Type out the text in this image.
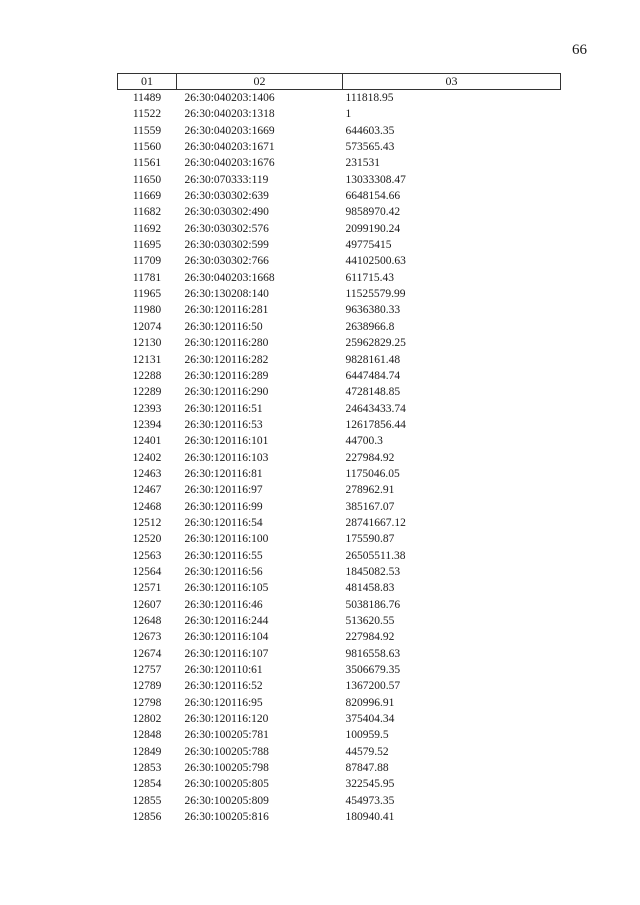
66
01	02	03
11489	26:30:040203:1406	111818.95
11522	26:30:040203:1318	1
11559	26:30:040203:1669	644603.35
11560	26:30:040203:1671	573565.43
11561	26:30:040203:1676	231531
11650	26:30:070333:119	13033308.47
11669	26:30:030302:639	6648154.66
11682	26:30:030302:490	9858970.42
11692	26:30:030302:576	2099190.24
11695	26:30:030302:599	49775415
11709	26:30:030302:766	44102500.63
11781	26:30:040203:1668	611715.43
11965	26:30:130208:140	11525579.99
11980	26:30:120116:281	9636380.33
12074	26:30:120116:50	2638966.8
12130	26:30:120116:280	25962829.25
12131	26:30:120116:282	9828161.48
12288	26:30:120116:289	6447484.74
12289	26:30:120116:290	4728148.85
12393	26:30:120116:51	24643433.74
12394	26:30:120116:53	12617856.44
12401	26:30:120116:101	44700.3
12402	26:30:120116:103	227984.92
12463	26:30:120116:81	1175046.05
12467	26:30:120116:97	278962.91
12468	26:30:120116:99	385167.07
12512	26:30:120116:54	28741667.12
12520	26:30:120116:100	175590.87
12563	26:30:120116:55	26505511.38
12564	26:30:120116:56	1845082.53
12571	26:30:120116:105	481458.83
12607	26:30:120116:46	5038186.76
12648	26:30:120116:244	513620.55
12673	26:30:120116:104	227984.92
12674	26:30:120116:107	9816558.63
12757	26:30:120110:61	3506679.35
12789	26:30:120116:52	1367200.57
12798	26:30:120116:95	820996.91
12802	26:30:120116:120	375404.34
12848	26:30:100205:781	100959.5
12849	26:30:100205:788	44579.52
12853	26:30:100205:798	87847.88
12854	26:30:100205:805	322545.95
12855	26:30:100205:809	454973.35
12856	26:30:100205:816	180940.41
